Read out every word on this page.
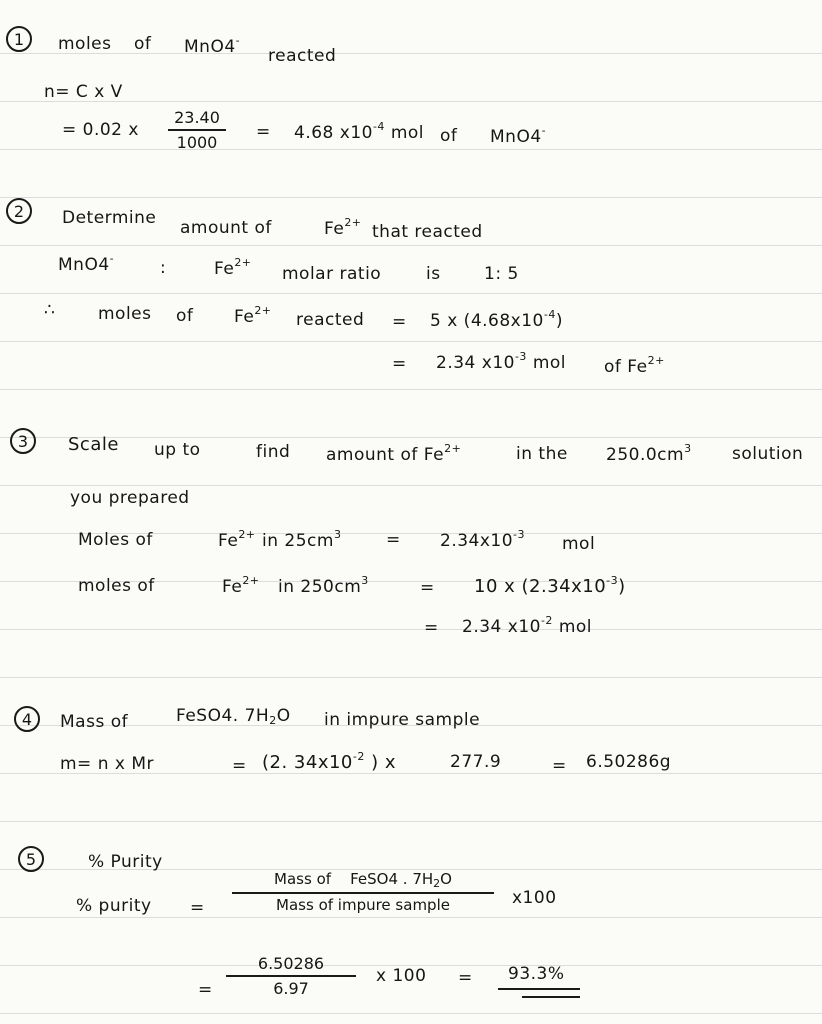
1 moles of MnO4-
reacted
n= C x V
= 0.02 x
23.40
1000
= 4.68 $x10^{-4}$ mol of MnO4-
2 Determine amount of	$Fe^{2+}$ that reacted
MnO4-	:	$Fe^{2+}$
molar ratio	is	1: 5
∴	moles of $Fe^{2+}$ reacted = 5 x $(4.68x10^{-4})$
= 2.34 $x10^{-3}$ mol of $Fe^{2+}$
3 Scale up to	find amount of $Fe^{2+}$	in the $250.0cm^3$ solution
you prepared
Moles of	$Fe^{2+}$ in $25cm^3$	= $2.34x10^{-3}$ mol
moles of	$Fe^{2+}$ in $250cm^3$	= 10 x $(2.34x10^{-3})$
= 2.34 $x10^{-2}$ mol
4 Mass of	FeSO4. $7H_2O$ in impure sample
m= n x Mr	= (2. $34x10^{-2}$ ) x	277.9	= 6.50286g
5	% Purity
% purity =
Mass of FeSO4 . $7H_2O$
Mass of impure sample	x100
=
6.50286
6.97
x 100 = 93.3%
